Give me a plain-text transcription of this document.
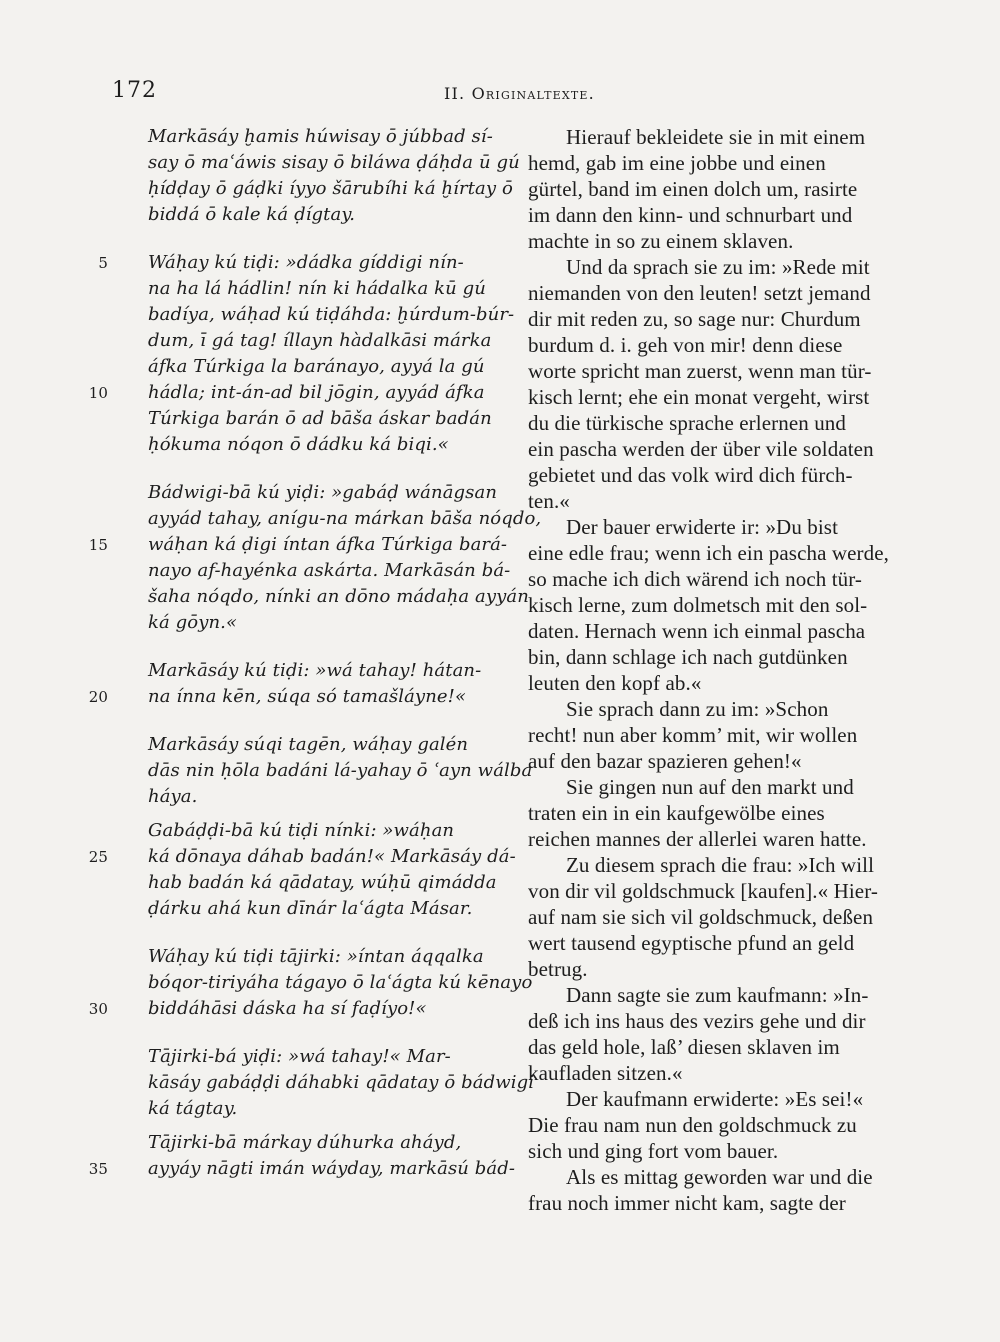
172	II. Originaltexte.
Markāsáy ḫamis húwisay ō júbbad sí-
say ō maʿáwis sisay ō biláwa ḍáḥda ū gú
ḥídḍay ō gáḍki íyyo šārubíhi ká ḫírtay ō
biddá ō kale ká ḍígtay.
5 Wáḥay kú tiḍi: »dádka gíddigi nín-
na ha lá hádlin! nín ki hádalka kū gú
badíya, wáḥad kú tiḍáhda: ḫúrdum-búr-
dum, ī gá tag! íllayn hàdalkāsi márka
áfka Túrkiga la baránayo, ayyá la gú
10 hádla; int-án-ad bil jōgin, ayyád áfka
Túrkiga barán ō ad bāša áskar badán
ḥókuma nóqon ō dádku ká biqi.«
Bádwigi-bā kú yiḍi: »gabáḍ wánāgsan
ayyád tahay, anígu-na márkan bāša nóqdo,
15 wáḥan ká ḍigi íntan áfka Túrkiga bará-
nayo af-hayénka askárta. Markāsán bá-
šaha nóqdo, nínki an dōno mádaḥa ayyán
ká gōyn.«
Markāsáy kú tiḍi: »wá tahay! hátan-
20 na ínna kēn, súqa só tamašláyne!«
Markāsáy súqi tagēn, wáḥay galén
dās nin ḥōla badáni lá-yahay ō ʿayn wálba
háya.
Gabáḍḍi-bā kú tiḍi nínki: »wáḥan
25 ká dōnaya dáhab badán!« Markāsáy dá-
hab badán ká qādatay, wúḥū qimádda
ḍárku ahá kun dīnár laʿágta Másar.
Wáḥay kú tiḍi tājirki: »íntan áqqalka
bóqor-tiriyáha tágayo ō laʿágta kú kēnayo
30 biddáhāsi dáska ha sí faḍíyo!«
Tājirki-bá yiḍi: »wá tahay!« Mar-
kāsáy gabáḍḍi dáhabki qādatay ō bádwigi
ká tágtay.
Tājirki-bā márkay dúhurka aháyd,
35 ayyáy nāgti imán wáyday, markāsú bád-
Hierauf bekleidete sie in mit einem
hemd, gab im eine jobbe und einen
gürtel, band im einen dolch um, rasirte
im dann den kinn- und schnurbart und
machte in so zu einem sklaven.
Und da sprach sie zu im: »Rede mit
niemanden von den leuten! setzt jemand
dir mit reden zu, so sage nur: Churdum
burdum d. i. geh von mir! denn diese
worte spricht man zuerst, wenn man tür-
kisch lernt; ehe ein monat vergeht, wirst
du die türkische sprache erlernen und
ein pascha werden der über vile soldaten
gebietet und das volk wird dich fürch-
ten.«
Der bauer erwiderte ir: »Du bist
eine edle frau; wenn ich ein pascha werde,
so mache ich dich wärend ich noch tür-
kisch lerne, zum dolmetsch mit den sol-
daten. Hernach wenn ich einmal pascha
bin, dann schlage ich nach gutdünken
leuten den kopf ab.«
Sie sprach dann zu im: »Schon
recht! nun aber komm’ mit, wir wollen
auf den bazar spazieren gehen!«
Sie gingen nun auf den markt und
traten ein in ein kaufgewölbe eines
reichen mannes der allerlei waren hatte.
Zu diesem sprach die frau: »Ich will
von dir vil goldschmuck [kaufen].« Hier-
auf nam sie sich vil goldschmuck, deßen
wert tausend egyptische pfund an geld
betrug.
Dann sagte sie zum kaufmann: »In-
deß ich ins haus des vezirs gehe und dir
das geld hole, laß’ diesen sklaven im
kaufladen sitzen.«
Der kaufmann erwiderte: »Es sei!«
Die frau nam nun den goldschmuck zu
sich und ging fort vom bauer.
Als es mittag geworden war und die
frau noch immer nicht kam, sagte der
